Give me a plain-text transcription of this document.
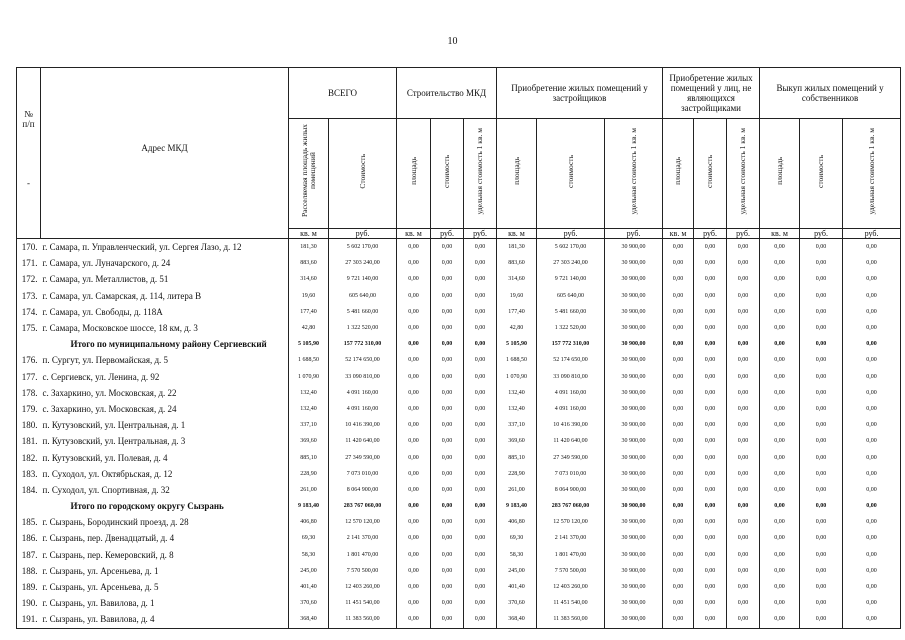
10
№ п/п
-	Адрес МКД	ВСЕГО		Строительство МКД			Приобретение жилых помещений у застройщиков			Приобретение жилых помещений у лиц, не являющихся застройщиками			Выкуп жилых помещений у собственников		
		Расселяемая площадь жилых помещений	Стоимость	площадь	стоимость	удельная стоимость 1 кв. м	площадь	стоимость	удельная стоимость 1 кв. м	площадь	стоимость	удельная стоимость 1 кв. м	площадь	стоимость	удельная стоимость 1 кв. м
		кв. м	руб.	кв. м	руб.	руб.	кв. м	руб.	руб.	кв. м	руб.	руб.	кв. м	руб.	руб.
170.	г. Самара, п. Управленческий, ул. Сергея Лазо, д. 12	181,30	5 602 170,00	0,00	0,00	0,00	181,30	5 602 170,00	30 900,00	0,00	0,00	0,00	0,00	0,00	0,00
171.	г. Самара, ул. Луначарского, д. 24	883,60	27 303 240,00	0,00	0,00	0,00	883,60	27 303 240,00	30 900,00	0,00	0,00	0,00	0,00	0,00	0,00
172.	г. Самара, ул. Металлистов, д. 51	314,60	9 721 140,00	0,00	0,00	0,00	314,60	9 721 140,00	30 900,00	0,00	0,00	0,00	0,00	0,00	0,00
173.	г. Самара, ул. Самарская, д. 114, литера В	19,60	605 640,00	0,00	0,00	0,00	19,60	605 640,00	30 900,00	0,00	0,00	0,00	0,00	0,00	0,00
174.	г. Самара, ул. Свободы, д. 118А	177,40	5 481 660,00	0,00	0,00	0,00	177,40	5 481 660,00	30 900,00	0,00	0,00	0,00	0,00	0,00	0,00
175.	г. Самара, Московское шоссе, 18 км, д. 3	42,80	1 322 520,00	0,00	0,00	0,00	42,80	1 322 520,00	30 900,00	0,00	0,00	0,00	0,00	0,00	0,00
	Итого по муниципальному району Сергиевский	5 105,90	157 772 310,00	0,00	0,00	0,00	5 105,90	157 772 310,00	30 900,00	0,00	0,00	0,00	0,00	0,00	0,00
176.	п. Сургут, ул. Первомайская, д. 5	1 688,50	52 174 650,00	0,00	0,00	0,00	1 688,50	52 174 650,00	30 900,00	0,00	0,00	0,00	0,00	0,00	0,00
177.	с. Сергиевск, ул. Ленина, д. 92	1 070,90	33 090 810,00	0,00	0,00	0,00	1 070,90	33 090 810,00	30 900,00	0,00	0,00	0,00	0,00	0,00	0,00
178.	с. Захаркино, ул. Московская, д. 22	132,40	4 091 160,00	0,00	0,00	0,00	132,40	4 091 160,00	30 900,00	0,00	0,00	0,00	0,00	0,00	0,00
179.	с. Захаркино, ул. Московская, д. 24	132,40	4 091 160,00	0,00	0,00	0,00	132,40	4 091 160,00	30 900,00	0,00	0,00	0,00	0,00	0,00	0,00
180.	п. Кутузовский, ул. Центральная, д. 1	337,10	10 416 390,00	0,00	0,00	0,00	337,10	10 416 390,00	30 900,00	0,00	0,00	0,00	0,00	0,00	0,00
181.	п. Кутузовский, ул. Центральная, д. 3	369,60	11 420 640,00	0,00	0,00	0,00	369,60	11 420 640,00	30 900,00	0,00	0,00	0,00	0,00	0,00	0,00
182.	п. Кутузовский, ул. Полевая, д. 4	885,10	27 349 590,00	0,00	0,00	0,00	885,10	27 349 590,00	30 900,00	0,00	0,00	0,00	0,00	0,00	0,00
183.	п. Суходол, ул. Октябрьская, д. 12	228,90	7 073 010,00	0,00	0,00	0,00	228,90	7 073 010,00	30 900,00	0,00	0,00	0,00	0,00	0,00	0,00
184.	п. Суходол, ул. Спортивная, д. 32	261,00	8 064 900,00	0,00	0,00	0,00	261,00	8 064 900,00	30 900,00	0,00	0,00	0,00	0,00	0,00	0,00
	Итого по городскому округу Сызрань	9 183,40	283 767 060,00	0,00	0,00	0,00	9 183,40	283 767 060,00	30 900,00	0,00	0,00	0,00	0,00	0,00	0,00
185.	г. Сызрань, Бородинский проезд, д. 28	406,80	12 570 120,00	0,00	0,00	0,00	406,80	12 570 120,00	30 900,00	0,00	0,00	0,00	0,00	0,00	0,00
186.	г. Сызрань, пер. Двенадцатый, д. 4	69,30	2 141 370,00	0,00	0,00	0,00	69,30	2 141 370,00	30 900,00	0,00	0,00	0,00	0,00	0,00	0,00
187.	г. Сызрань, пер. Кемеровский, д. 8	58,30	1 801 470,00	0,00	0,00	0,00	58,30	1 801 470,00	30 900,00	0,00	0,00	0,00	0,00	0,00	0,00
188.	г. Сызрань, ул. Арсеньева, д. 1	245,00	7 570 500,00	0,00	0,00	0,00	245,00	7 570 500,00	30 900,00	0,00	0,00	0,00	0,00	0,00	0,00
189.	г. Сызрань, ул. Арсеньева, д. 5	401,40	12 403 260,00	0,00	0,00	0,00	401,40	12 403 260,00	30 900,00	0,00	0,00	0,00	0,00	0,00	0,00
190.	г. Сызрань, ул. Вавилова, д. 1	370,60	11 451 540,00	0,00	0,00	0,00	370,60	11 451 540,00	30 900,00	0,00	0,00	0,00	0,00	0,00	0,00
191.	г. Сызрань, ул. Вавилова, д. 4	368,40	11 383 560,00	0,00	0,00	0,00	368,40	11 383 560,00	30 900,00	0,00	0,00	0,00	0,00	0,00	0,00
